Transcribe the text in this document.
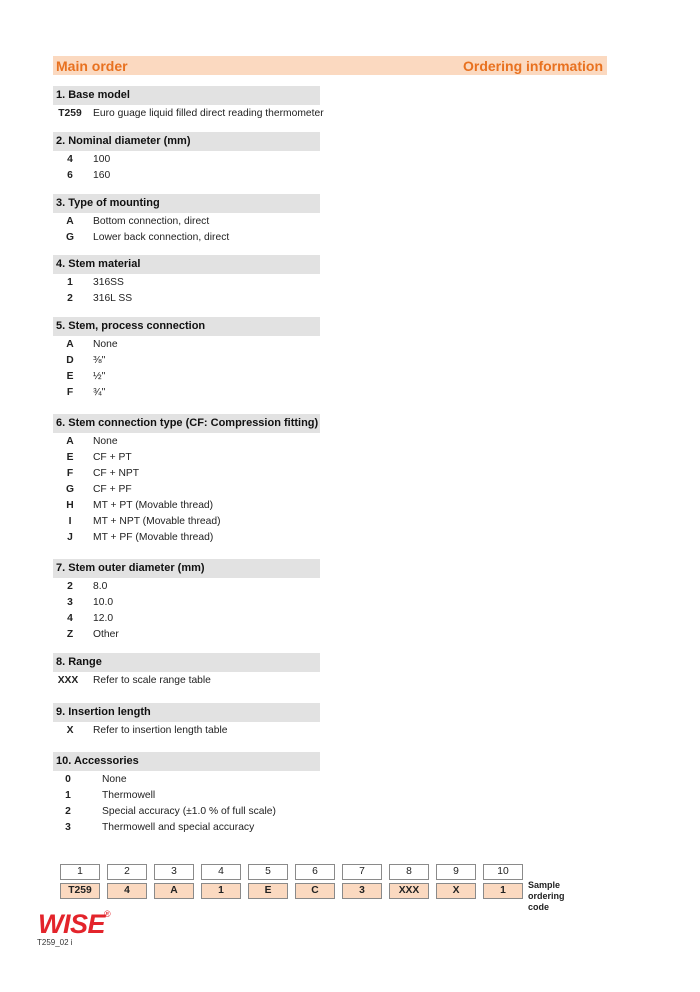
Main order	Ordering information
1. Base model
T259	Euro guage liquid filled direct reading thermometer
2. Nominal diameter (mm)
4	100
6	160
3. Type of mounting
A	Bottom connection, direct
G	Lower back connection, direct
4. Stem material
1	316SS
2	316L SS
5. Stem, process connection
A	None
D	⅜"
E	½"
F	¾"
6. Stem connection type (CF: Compression fitting)
A	None
E	CF + PT
F	CF + NPT
G	CF + PF
H	MT + PT (Movable thread)
I	MT + NPT (Movable thread)
J	MT + PF (Movable thread)
7. Stem outer diameter (mm)
2	8.0
3	10.0
4	12.0
Z	Other
8. Range
XXX	Refer to scale range table
9. Insertion length
X	Refer to insertion length table
10. Accessories
0	None
1	Thermowell
2	Special accuracy (±1.0 % of full scale)
3	Thermowell and special accuracy
1	2	3	4	5	6	7	8	9	10
T259	4	A	1	E	C	3	XXX	X	1	Sample
ordering code
WISE
®
T259_02 i
